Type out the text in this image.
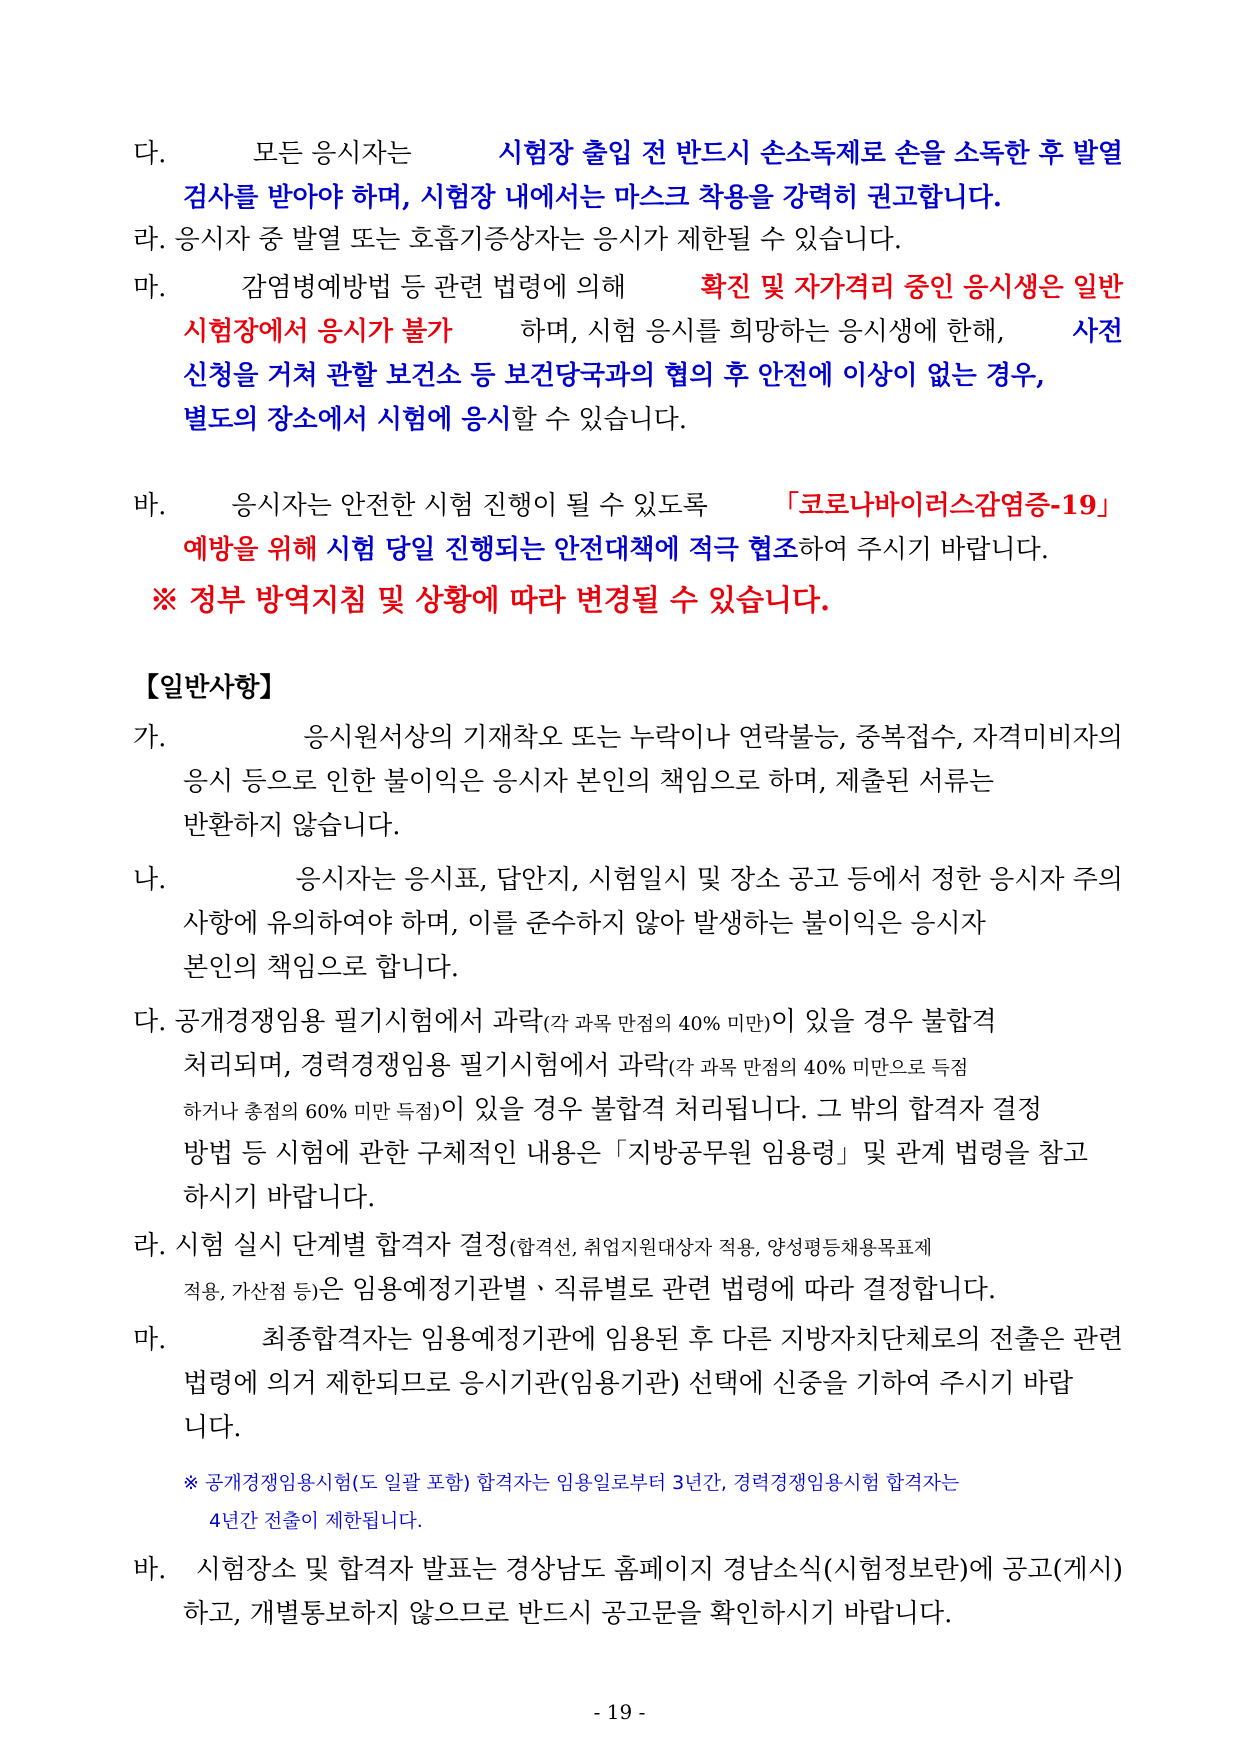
다.	모든 응시자는	시험장 출입 전 반드시 손소독제로 손을 소독한 후 발열
검사를 받아야 하며, 시험장 내에서는 마스크 착용을 강력히 권고합니다.
라. 응시자 중 발열 또는 호흡기증상자는 응시가 제한될 수 있습니다.
마.	감염병예방법 등 관련 법령에 의해	확진 및 자가격리 중인 응시생은 일반
시험장에서 응시가 불가	하며, 시험 응시를 희망하는 응시생에 한해,	사전
신청을 거쳐 관할 보건소 등 보건당국과의 협의 후 안전에 이상이 없는 경우,
별도의 장소에서 시험에 응시할 수 있습니다.
바. 응시자는 안전한 시험 진행이 될 수 있도록 「코로나바이러스감염증-19」
예방을 위해 시험 당일 진행되는 안전대책에 적극 협조하여 주시기 바랍니다.
※ 정부 방역지침 및 상황에 따라 변경될 수 있습니다.
【일반사항】
가.	응시원서상의 기재착오 또는 누락이나 연락불능, 중복접수, 자격미비자의
응시 등으로 인한 불이익은 응시자 본인의 책임으로 하며, 제출된 서류는
반환하지 않습니다.
나.	응시자는 응시표, 답안지, 시험일시 및 장소 공고 등에서 정한 응시자 주의
사항에 유의하여야 하며, 이를 준수하지 않아 발생하는 불이익은 응시자
본인의 책임으로 합니다.
다. 공개경쟁임용 필기시험에서 과락(각 과목 만점의 40% 미만)이 있을 경우 불합격
처리되며, 경력경쟁임용 필기시험에서 과락(각 과목 만점의 40% 미만으로 득점
하거나 총점의 60% 미만 득점)이 있을 경우 불합격 처리됩니다. 그 밖의 합격자 결정
방법 등 시험에 관한 구체적인 내용은「지방공무원 임용령」및 관계 법령을 참고
하시기 바랍니다.
라. 시험 실시 단계별 합격자 결정(합격선, 취업지원대상자 적용, 양성평등채용목표제
적용, 가산점 등)은 임용예정기관별ㆍ직류별로 관련 법령에 따라 결정합니다.
마.	최종합격자는 임용예정기관에 임용된 후 다른 지방자치단체로의 전출은 관련
법령에 의거 제한되므로 응시기관(임용기관) 선택에 신중을 기하여 주시기 바랍
니다.
※ 공개경쟁임용시험(도 일괄 포함) 합격자는 임용일로부터 3년간, 경력경쟁임용시험 합격자는
4년간 전출이 제한됩니다.
바. 시험장소 및 합격자 발표는 경상남도 홈페이지 경남소식(시험정보란)에 공고(게시)
하고, 개별통보하지 않으므로 반드시 공고문을 확인하시기 바랍니다.
- 19 -
